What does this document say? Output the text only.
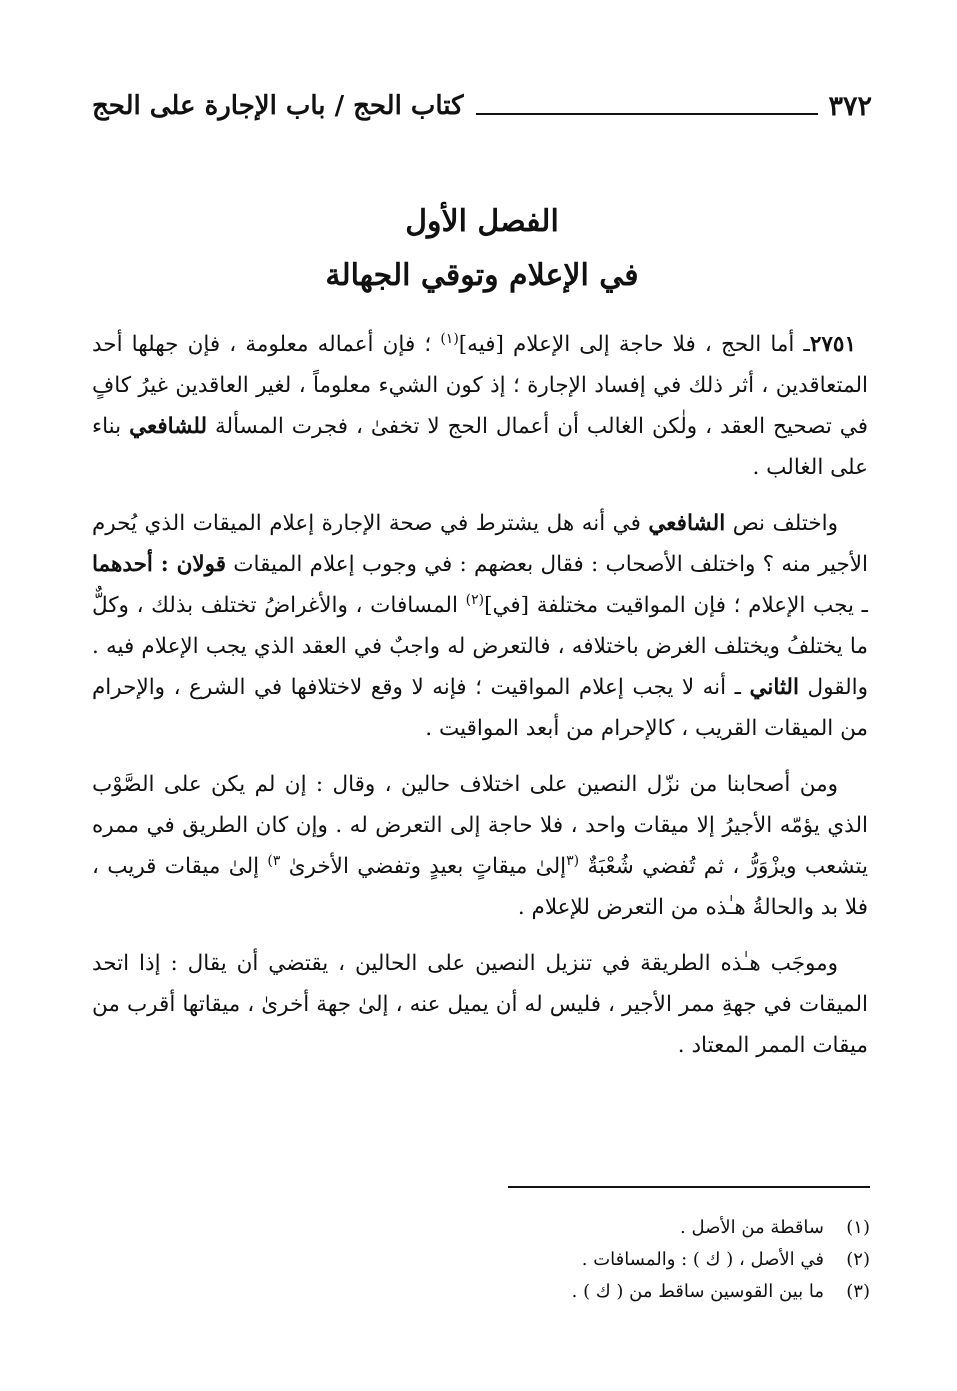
٣٧٢
كتاب الحج / باب الإجارة على الحج
الفصل الأول
في الإعلام وتوقي الجهالة

٢٧٥١ـ أما الحج ، فلا حاجة إلى الإعلام [فيه]$^{(١)}$ ؛ فإن أعماله معلومة ، فإن جهلها أحد المتعاقدين ، أثر ذلك في إفساد الإجارة ؛ إذ كون الشيء معلوماً ، لغير العاقدين غيرُ كافٍ في تصحيح العقد ، ولٰكن الغالب أن أعمال الحج لا تخفىٰ ، فجرت المسألة للشافعي بناء على الغالب .

واختلف نص الشافعي في أنه هل يشترط في صحة الإجارة إعلام الميقات الذي يُحرم الأجير منه ؟ واختلف الأصحاب : فقال بعضهم : في وجوب إعلام الميقات قولان : أحدهما ـ يجب الإعلام ؛ فإن المواقيت مختلفة [في]$^{(٢)}$ المسافات ، والأغراضُ تختلف بذلك ، وكلٌّ ما يختلفُ ويختلف الغرض باختلافه ، فالتعرض له واجبٌ في العقد الذي يجب الإعلام فيه . والقول الثاني ـ أنه لا يجب إعلام المواقيت ؛ فإنه لا وقع لاختلافها في الشرع ، والإحرام من الميقات القريب ، كالإحرام من أبعد المواقيت .

ومن أصحابنا من نزّل النصين على اختلاف حالين ، وقال : إن لم يكن على الصَّوْب الذي يؤمّه الأجيرُ إلا ميقات واحد ، فلا حاجة إلى التعرض له . وإن كان الطريق في ممره يتشعب ويزْوَرُّ ، ثم تُفضي شُعْبَةٌ $^{(٣}$إلىٰ ميقاتٍ بعيدٍ وتفضي الأخرىٰ $^{٣)}$ إلىٰ ميقات قريب ، فلا بد والحالةُ هـٰذه من التعرض للإعلام .

وموجَب هـٰذه الطريقة في تنزيل النصين على الحالين ، يقتضي أن يقال : إذا اتحد الميقات في جهةِ ممر الأجير ، فليس له أن يميل عنه ، إلىٰ جهة أخرىٰ ، ميقاتها أقرب من ميقات الممر المعتاد .

(١)
ساقطة من الأصل .
(٢)
في الأصل ، ( ك ) : والمسافات .
(٣)
ما بين القوسين ساقط من ( ك ) .
